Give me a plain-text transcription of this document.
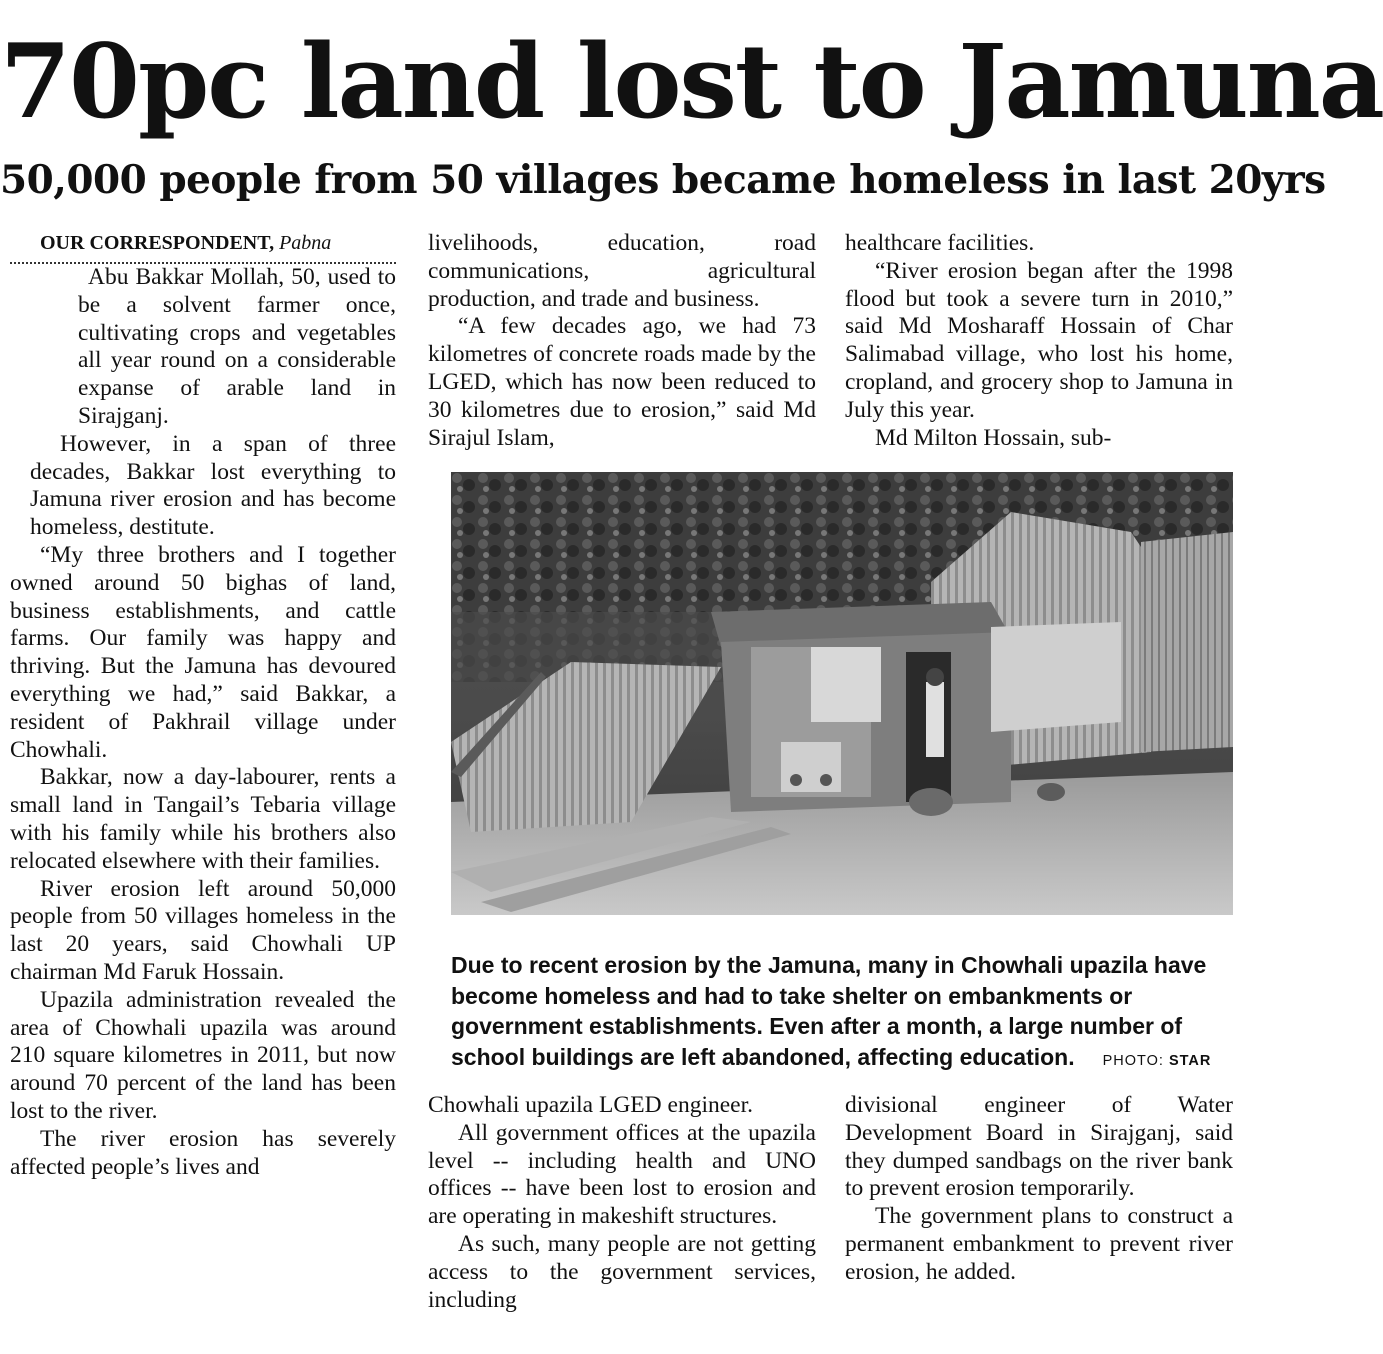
70pc land lost to Jamuna
50,000 people from 50 villages became homeless in last 20yrs

OUR CORRESPONDENT, Pabna

Abu Bakkar Mollah, 50, used to be a solvent farmer once, cultivating crops and vegetables all year round on a considerable expanse of arable land in Sirajganj.

However, in a span of three decades, Bakkar lost everything to Jamuna river erosion and has become homeless, destitute.

“My three brothers and I together owned around 50 bighas of land, business establishments, and cattle farms. Our family was happy and thriving. But the Jamuna has devoured everything we had,” said Bakkar, a resident of Pakhrail village under Chowhali.

Bakkar, now a day-labourer, rents a small land in Tangail’s Tebaria village with his family while his brothers also relocated elsewhere with their families.

River erosion left around 50,000 people from 50 villages homeless in the last 20 years, said Chowhali UP chairman Md Faruk Hossain.

Upazila administration revealed the area of Chowhali upazila was around 210 square kilometres in 2011, but now around 70 percent of the land has been lost to the river.

The river erosion has severely affected people’s lives and

livelihoods, education, road communications, agricultural production, and trade and business.

“A few decades ago, we had 73 kilometres of concrete roads made by the LGED, which has now been reduced to 30 kilometres due to erosion,” said Md Sirajul Islam,

healthcare facilities.

“River erosion began after the 1998 flood but took a severe turn in 2010,” said Md Mosharaff Hossain of Char Salimabad village, who lost his home, cropland, and grocery shop to Jamuna in July this year.

Md Milton Hossain, sub-

Due to recent erosion by the Jamuna, many in Chowhali upazila have become homeless and had to take shelter on embankments or government establishments. Even after a month, a large number of school buildings are left abandoned, affecting education. PHOTO: STAR

Chowhali upazila LGED engineer.

All government offices at the upazila level -- including health and UNO offices -- have been lost to erosion and are operating in makeshift structures.

As such, many people are not getting access to the government services, including

divisional engineer of Water Development Board in Sirajganj, said they dumped sandbags on the river bank to prevent erosion temporarily.

The government plans to construct a permanent embankment to prevent river erosion, he added.
